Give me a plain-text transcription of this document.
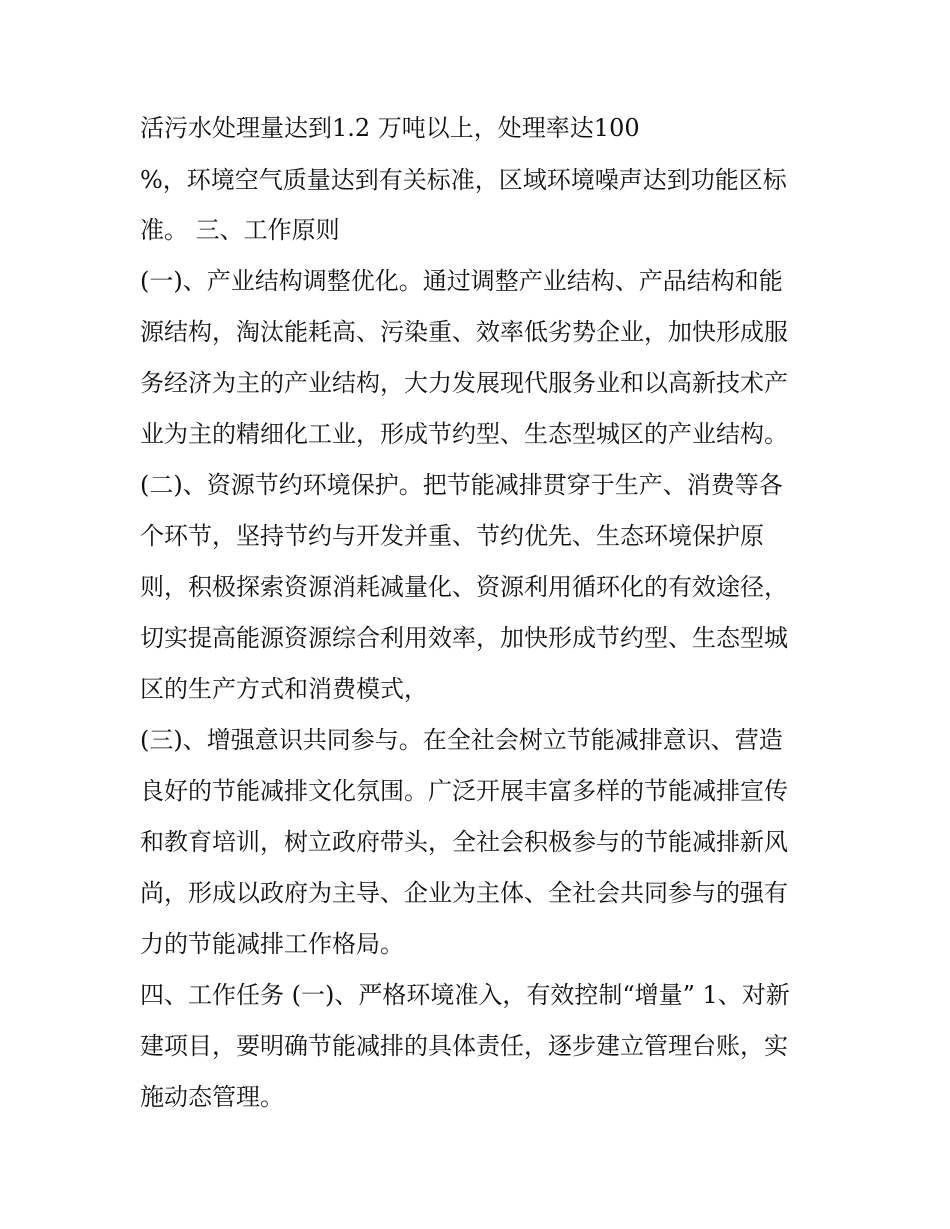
活污水处理量达到1.2 万吨以上，处理率达100
%，环境空气质量达到有关标准，区域环境噪声达到功能区标
准。 三、工作原则
(一)、产业结构调整优化。通过调整产业结构、产品结构和能
源结构，淘汰能耗高、污染重、效率低劣势企业，加快形成服
务经济为主的产业结构，大力发展现代服务业和以高新技术产
业为主的精细化工业，形成节约型、生态型城区的产业结构。
(二)、资源节约环境保护。把节能减排贯穿于生产、消费等各
个环节，坚持节约与开发并重、节约优先、生态环境保护原
则，积极探索资源消耗减量化、资源利用循环化的有效途径，
切实提高能源资源综合利用效率，加快形成节约型、生态型城
区的生产方式和消费模式，
(三)、增强意识共同参与。在全社会树立节能减排意识、营造
良好的节能减排文化氛围。广泛开展丰富多样的节能减排宣传
和教育培训，树立政府带头，全社会积极参与的节能减排新风
尚，形成以政府为主导、企业为主体、全社会共同参与的强有
力的节能减排工作格局。
四、工作任务 (一)、严格环境准入，有效控制“增量” 1、对新
建项目，要明确节能减排的具体责任，逐步建立管理台账，实
施动态管理。
